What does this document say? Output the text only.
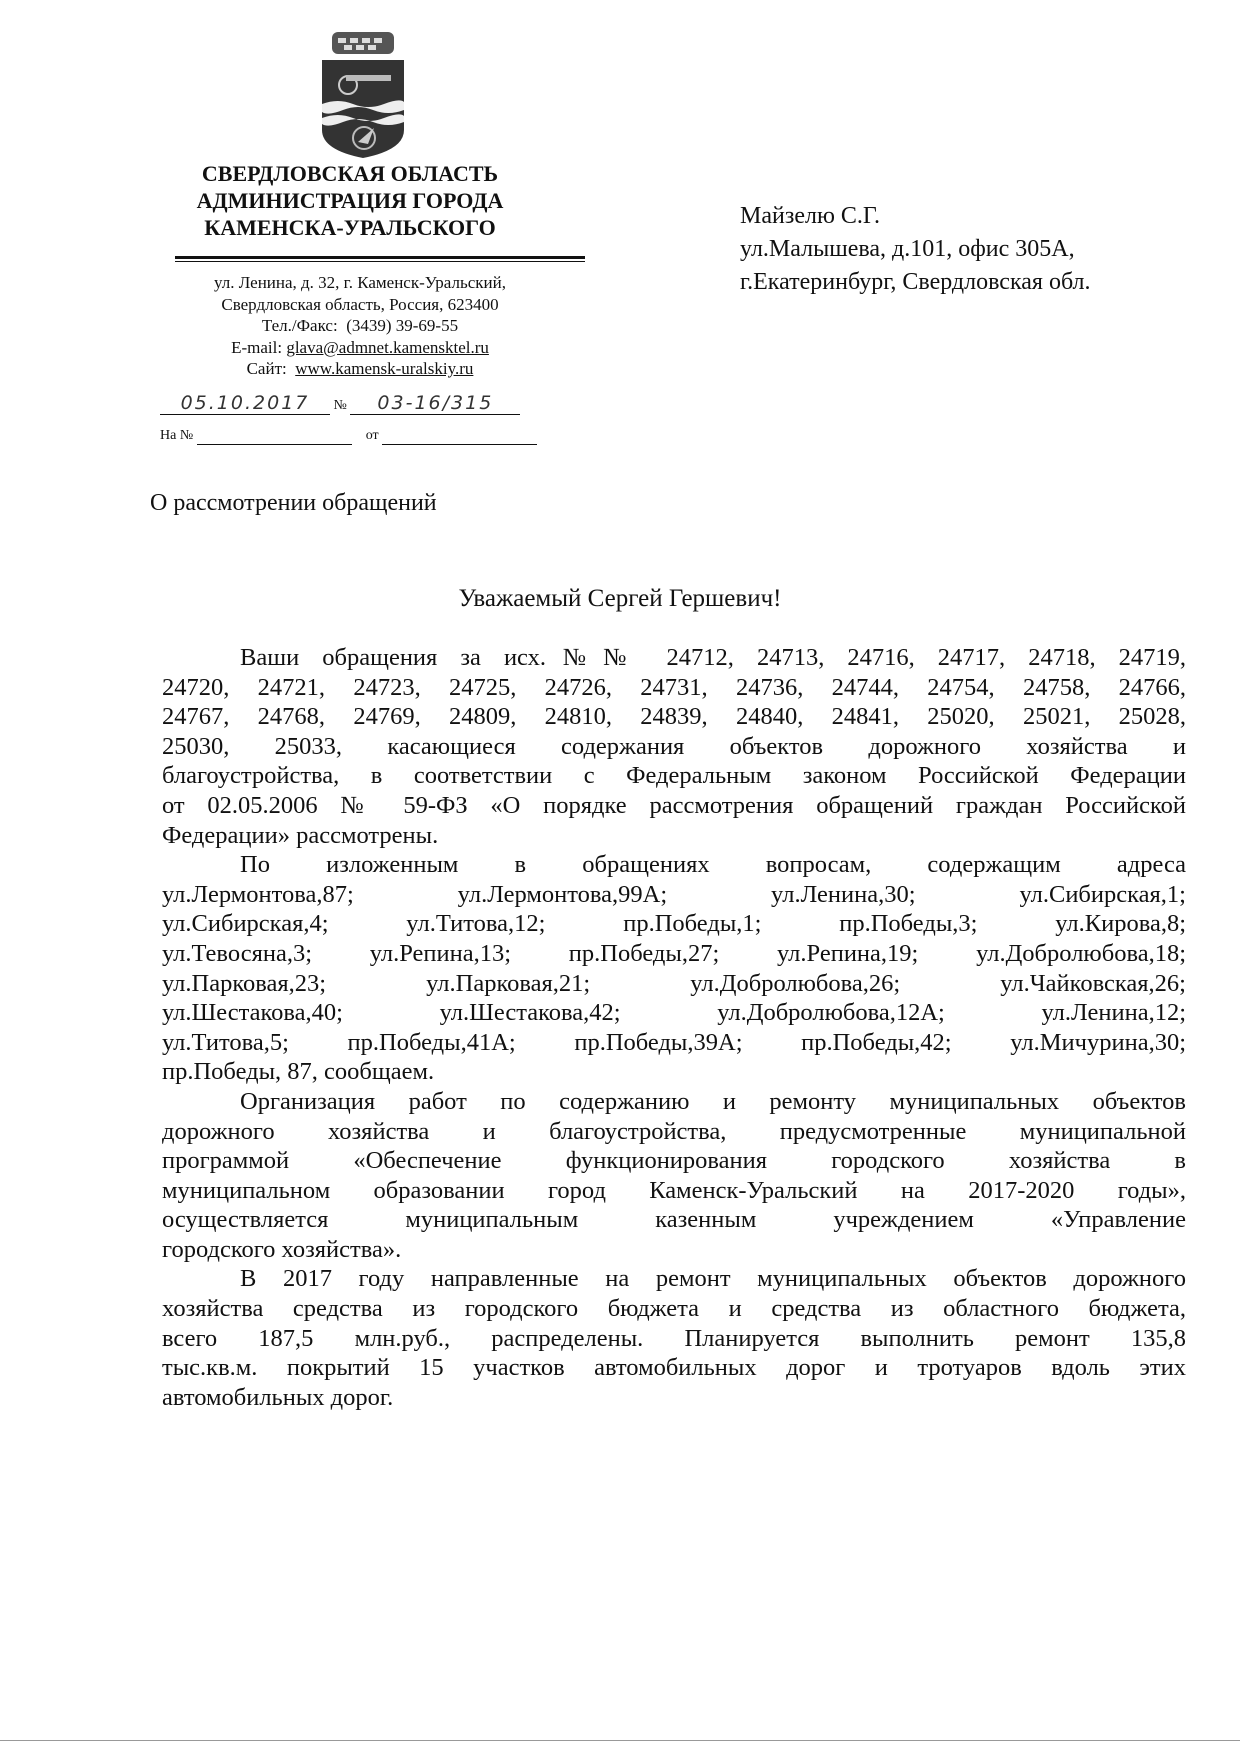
СВЕРДЛОВСКАЯ ОБЛАСТЬ
АДМИНИСТРАЦИЯ ГОРОДА
КАМЕНСКА-УРАЛЬСКОГО
ул. Ленина, д. 32, г. Каменск-Уральский,
Свердловская область, Россия, 623400
Тел./Факс: (3439) 39-69-55
E-mail: glava@admnet.kamensktel.ru
Сайт: www.kamensk-uralskiy.ru
05.10.2017 № 03-16/315
На №	от
Майзелю С.Г.
ул.Малышева, д.101, офис 305А,
г.Екатеринбург, Свердловская обл.
О рассмотрении обращений
Уважаемый Сергей Гершевич!
Ваши обращения за исх.№№ 24712, 24713, 24716, 24717, 24718, 24719,
24720, 24721, 24723, 24725, 24726, 24731, 24736, 24744, 24754, 24758, 24766,
24767, 24768, 24769, 24809, 24810, 24839, 24840, 24841, 25020, 25021, 25028,
25030, 25033, касающиеся содержания объектов дорожного хозяйства и
благоустройства, в соответствии с Федеральным законом Российской Федерации
от 02.05.2006 № 59-ФЗ «О порядке рассмотрения обращений граждан Российской
Федерации» рассмотрены.
По изложенным в обращениях вопросам, содержащим адреса
ул.Лермонтова,87; ул.Лермонтова,99А; ул.Ленина,30; ул.Сибирская,1;
ул.Сибирская,4; ул.Титова,12; пр.Победы,1; пр.Победы,3; ул.Кирова,8;
ул.Тевосяна,3; ул.Репина,13; пр.Победы,27; ул.Репина,19; ул.Добролюбова,18;
ул.Парковая,23; ул.Парковая,21; ул.Добролюбова,26; ул.Чайковская,26;
ул.Шестакова,40; ул.Шестакова,42; ул.Добролюбова,12А; ул.Ленина,12;
ул.Титова,5; пр.Победы,41А; пр.Победы,39А; пр.Победы,42; ул.Мичурина,30;
пр.Победы, 87, сообщаем.
Организация работ по содержанию и ремонту муниципальных объектов
дорожного хозяйства и благоустройства, предусмотренные муниципальной
программой «Обеспечение функционирования городского хозяйства в
муниципальном образовании город Каменск-Уральский на 2017-2020 годы»,
осуществляется муниципальным казенным учреждением «Управление
городского хозяйства».
В 2017 году направленные на ремонт муниципальных объектов дорожного
хозяйства средства из городского бюджета и средства из областного бюджета,
всего 187,5 млн.руб., распределены. Планируется выполнить ремонт 135,8
тыс.кв.м. покрытий 15 участков автомобильных дорог и тротуаров вдоль этих
автомобильных дорог.
